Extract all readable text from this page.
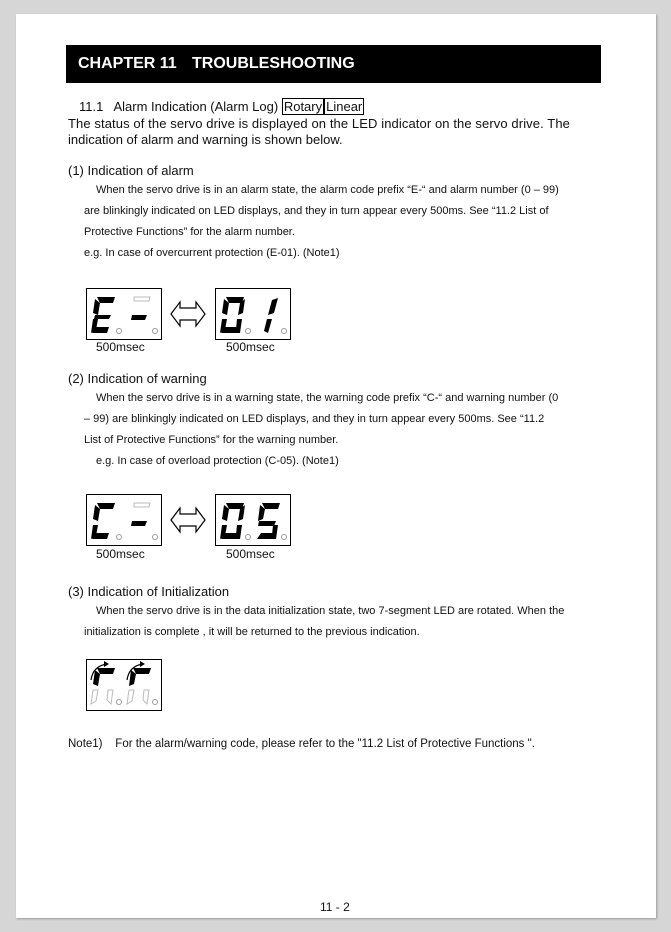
CHAPTER 11 TROUBLESHOOTING
11.1 Alarm Indication (Alarm Log) Rotary Linear
The status of the servo drive is displayed on the LED indicator on the servo drive. The
indication of alarm and warning is shown below.
(1) Indication of alarm
When the servo drive is in an alarm state, the alarm code prefix “E-“ and alarm number (0 – 99)
are blinkingly indicated on LED displays, and they in turn appear every 500ms. See “11.2 List of
Protective Functions” for the alarm number.
e.g. In case of overcurrent protection (E-01). (Note1)
500msec	500msec
(2) Indication of warning
When the servo drive is in a warning state, the warning code prefix “C-“ and warning number (0
– 99) are blinkingly indicated on LED displays, and they in turn appear every 500ms. See “11.2
List of Protective Functions” for the warning number.
e.g. In case of overload protection (C-05). (Note1)
500msec	500msec
(3) Indication of Initialization
When the servo drive is in the data initialization state, two 7-segment LED are rotated. When the
initialization is complete , it will be returned to the previous indication.
Note1)    For the alarm/warning code, please refer to the "11.2 List of Protective Functions ".
11 - 2
